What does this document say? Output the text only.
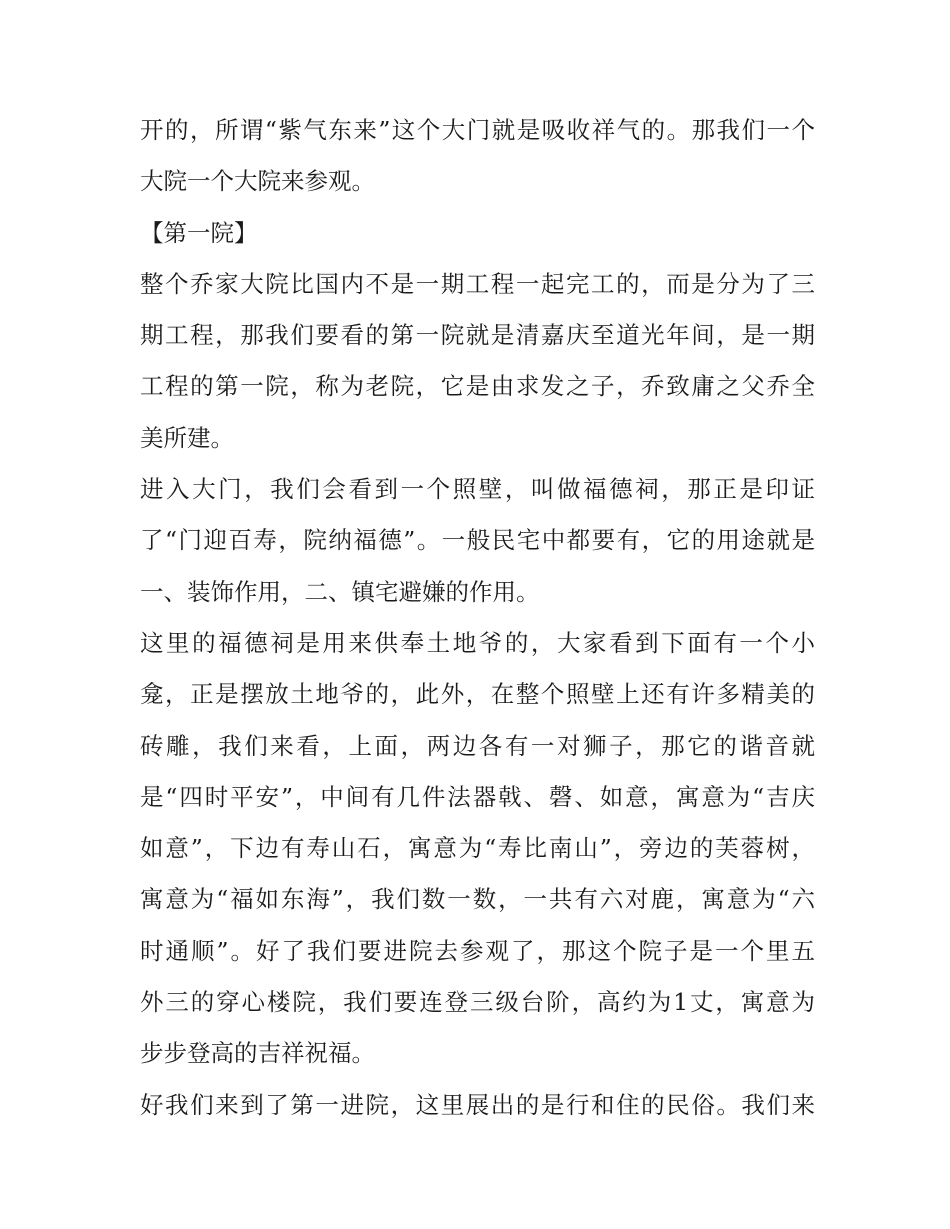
开的，所谓“紫气东来”这个大门就是吸收祥气的。那我们一个
大院一个大院来参观。
【第一院】
整个乔家大院比国内不是一期工程一起完工的，而是分为了三
期工程，那我们要看的第一院就是清嘉庆至道光年间，是一期
工程的第一院，称为老院，它是由求发之子，乔致庸之父乔全
美所建。
进入大门，我们会看到一个照壁，叫做福德祠，那正是印证
了“门迎百寿，院纳福德”。一般民宅中都要有，它的用途就是
一、装饰作用，二、镇宅避嫌的作用。
这里的福德祠是用来供奉土地爷的，大家看到下面有一个小
龛，正是摆放土地爷的，此外，在整个照壁上还有许多精美的
砖雕，我们来看，上面，两边各有一对狮子，那它的谐音就
是“四时平安”，中间有几件法器戟、磬、如意，寓意为“吉庆
如意”，下边有寿山石，寓意为“寿比南山”，旁边的芙蓉树，
寓意为“福如东海”，我们数一数，一共有六对鹿，寓意为“六
时通顺”。好了我们要进院去参观了，那这个院子是一个里五
外三的穿心楼院，我们要连登三级台阶，高约为1丈，寓意为
步步登高的吉祥祝福。
好我们来到了第一进院，这里展出的是行和住的民俗。我们来
